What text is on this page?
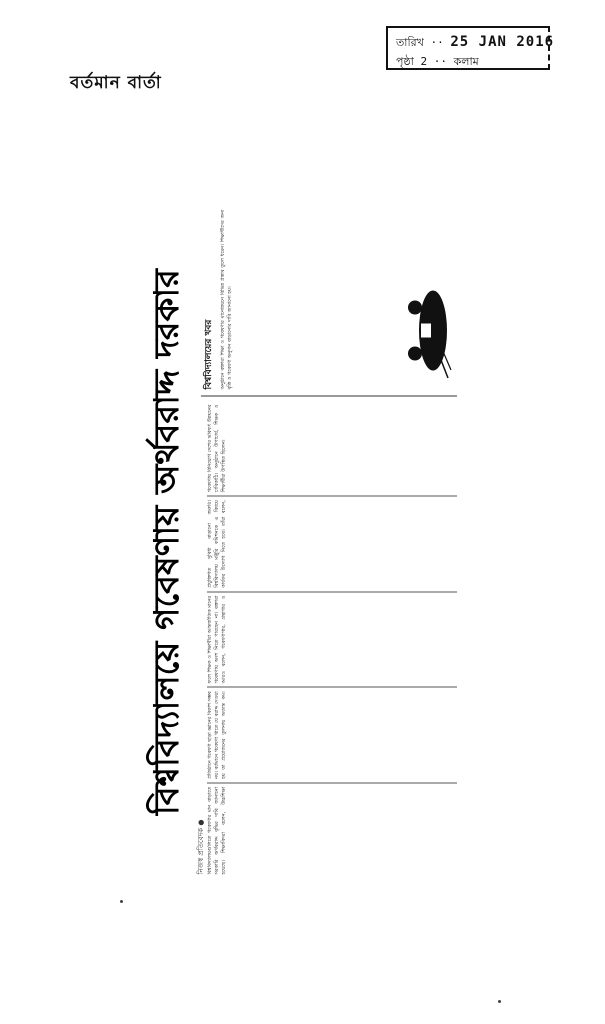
বর্তমান বার্তা
তারিখ ·· 25 JAN 2016
পৃষ্ঠা 2 ·· কলাম
বিশ্ববিদ্যালয়ে গবেষণায় অর্থবরাদ্দ দরকার
নিজস্ব প্রতিবেদক ● বিশ্ববিদ্যালয়গুলিতে গবেষণার মান বাড়াতে সরকারি অর্থবরাদ্দ বৃদ্ধির দাবি জানানো হয়েছে। শিক্ষাবিদরা বলেন, উচ্চশিক্ষা প্রতিষ্ঠানে গবেষণা ছাড়া জ্ঞানের বিকাশ সম্ভব নয়। বর্তমানে গবেষণা খাতে যে বরাদ্দ দেওয়া হয় তা প্রয়োজনের তুলনায় অত্যন্ত কম। ফলে শিক্ষক ও শিক্ষার্থীরা আন্তর্জাতিক মানের গবেষণায় অংশ নিতে পারছেন না। বক্তারা আরও বলেন, গবেষণাগার, গ্রন্থাগার ও প্রযুক্তিগত সুবিধা বাড়ানো জরুরি। বিশ্ববিদ্যালয় মঞ্জুরি কমিশনকে এ বিষয়ে কার্যকর উদ্যোগ নিতে হবে। তাঁরা বলেন, গবেষণায় বিনিয়োগ দেশের ভবিষ্যৎ উন্নয়নের চাবিকাঠি। অনুষ্ঠানে উপাচার্য, শিক্ষক ও শিক্ষার্থীরা উপস্থিত ছিলেন।
বিশ্ববিদ্যালয়ের খবর	অনুষ্ঠানে বক্তারা শিক্ষা ও গবেষণার মানোন্নয়নে বিভিন্ন প্রস্তাব তুলে ধরেন। শিক্ষার্থীদের জন্য বৃত্তি ও গবেষণা অনুদান বাড়ানোর দাবি জানানো হয়।
